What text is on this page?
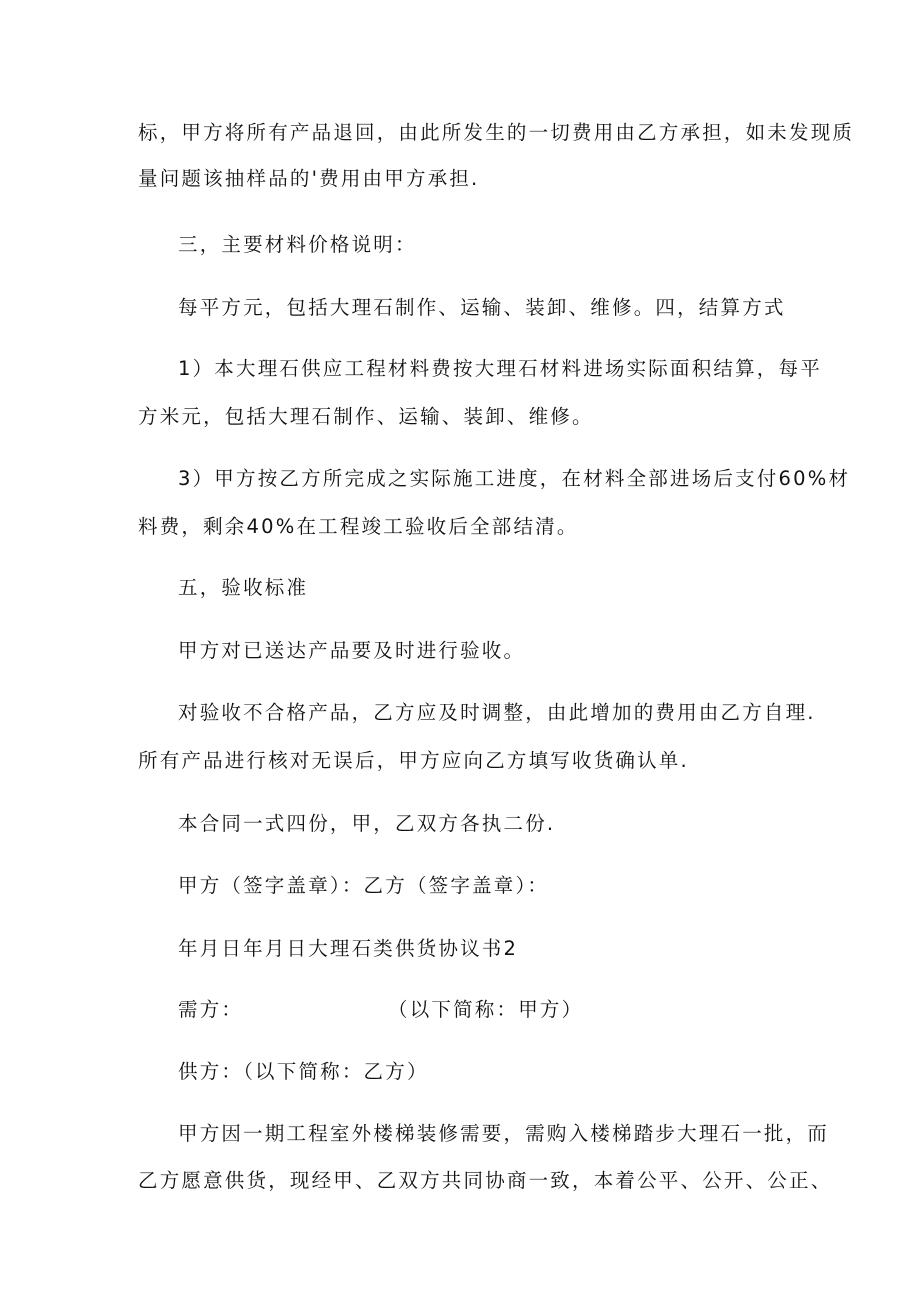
标，甲方将所有产品退回，由此所发生的一切费用由乙方承担，如未发现质
量问题该抽样品的'费用由甲方承担.
三，主要材料价格说明：
每平方元，包括大理石制作、运输、装卸、维修。四，结算方式
1）本大理石供应工程材料费按大理石材料进场实际面积结算，每平
方米元，包括大理石制作、运输、装卸、维修。
3）甲方按乙方所完成之实际施工进度，在材料全部进场后支付60%材
料费，剩余40%在工程竣工验收后全部结清。
五，验收标准
甲方对已送达产品要及时进行验收。
对验收不合格产品，乙方应及时调整，由此增加的费用由乙方自理.
所有产品进行核对无误后，甲方应向乙方填写收货确认单.
本合同一式四份，甲，乙双方各执二份.
甲方（签字盖章）：乙方（签字盖章）：
年月日年月日大理石类供货协议书2
需方：	（以下简称：甲方）
供方：（以下简称：乙方）
甲方因一期工程室外楼梯装修需要，需购入楼梯踏步大理石一批，而
乙方愿意供货，现经甲、乙双方共同协商一致，本着公平、公开、公正、
